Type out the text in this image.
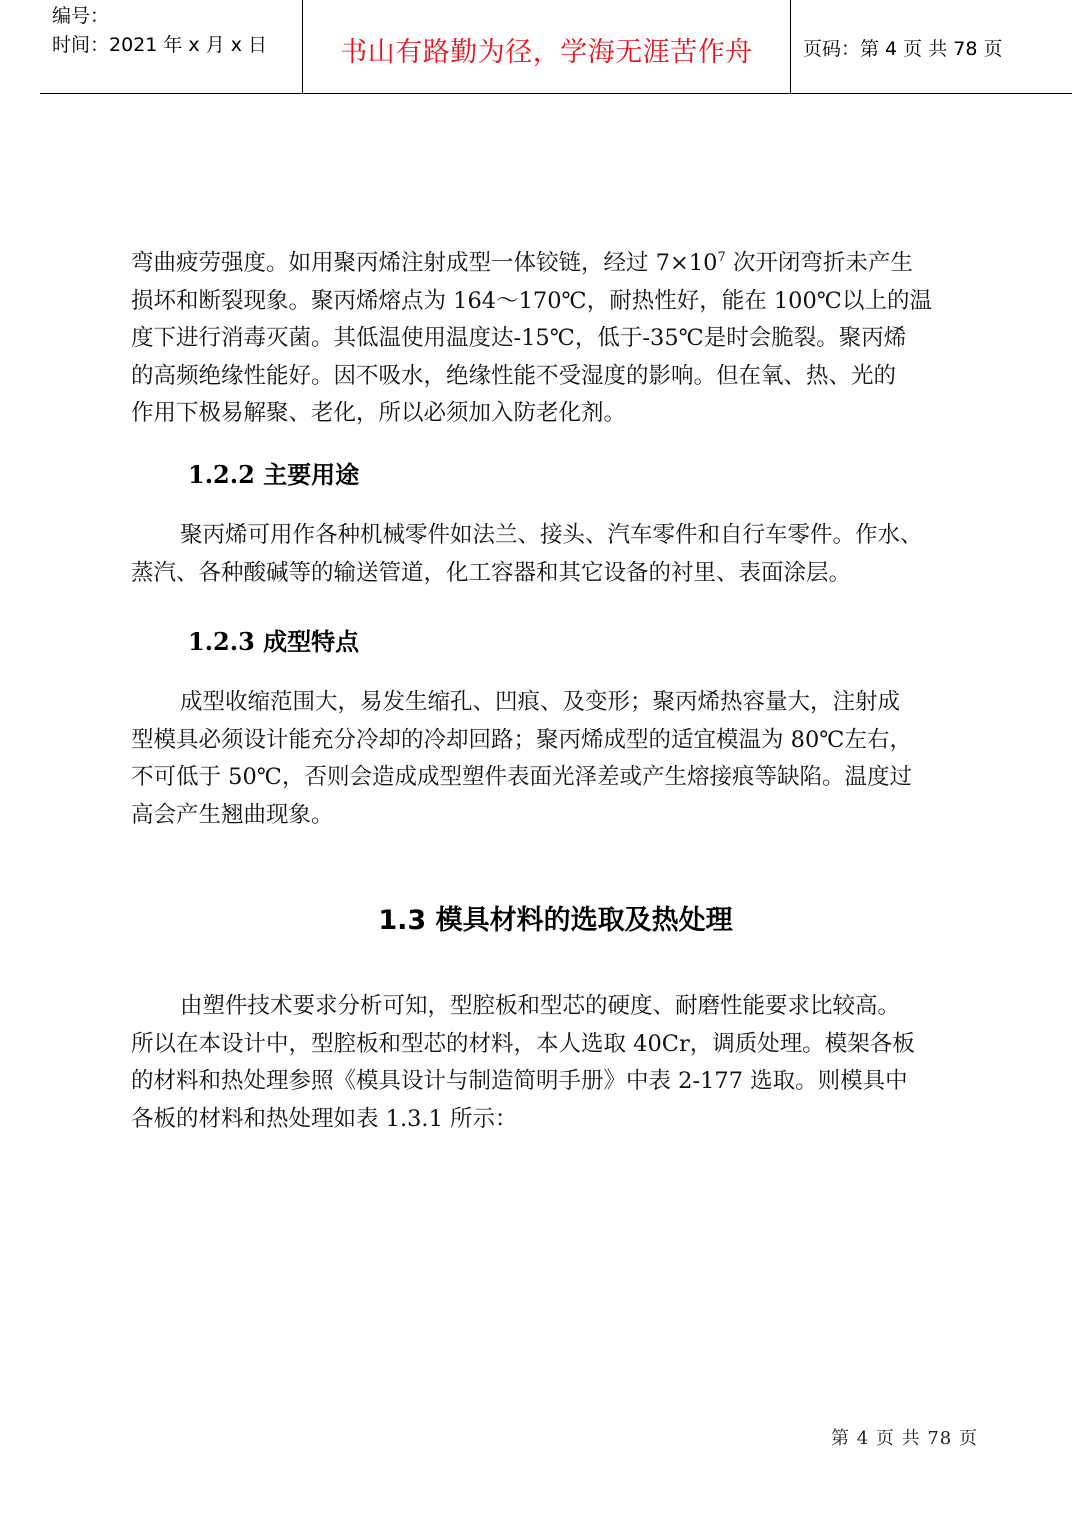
编号：
时间：2021 年 x 月 x 日	书山有路勤为径，学海无涯苦作舟	页码：第 4 页 共 78 页
弯曲疲劳强度。如用聚丙烯注射成型一体铰链，经过 $7\times 10^7$ 次开闭弯折未产生
损坏和断裂现象。聚丙烯熔点为 164～170℃，耐热性好，能在 100℃以上的温
度下进行消毒灭菌。其低温使用温度达-15℃，低于-35℃是时会脆裂。聚丙烯
的高频绝缘性能好。因不吸水，绝缘性能不受湿度的影响。但在氧、热、光的
作用下极易解聚、老化，所以必须加入防老化剂。
1.2.2 主要用途
聚丙烯可用作各种机械零件如法兰、接头、汽车零件和自行车零件。作水、
蒸汽、各种酸碱等的输送管道，化工容器和其它设备的衬里、表面涂层。
1.2.3 成型特点
成型收缩范围大，易发生缩孔、凹痕、及变形；聚丙烯热容量大，注射成
型模具必须设计能充分冷却的冷却回路；聚丙烯成型的适宜模温为 80℃左右，
不可低于 50℃，否则会造成成型塑件表面光泽差或产生熔接痕等缺陷。温度过
高会产生翘曲现象。
1.3 模具材料的选取及热处理
由塑件技术要求分析可知，型腔板和型芯的硬度、耐磨性能要求比较高。
所以在本设计中，型腔板和型芯的材料，本人选取 40Cr，调质处理。模架各板
的材料和热处理参照《模具设计与制造简明手册》中表 2-177 选取。则模具中
各板的材料和热处理如表 1.3.1 所示：
第 4 页 共 78 页
